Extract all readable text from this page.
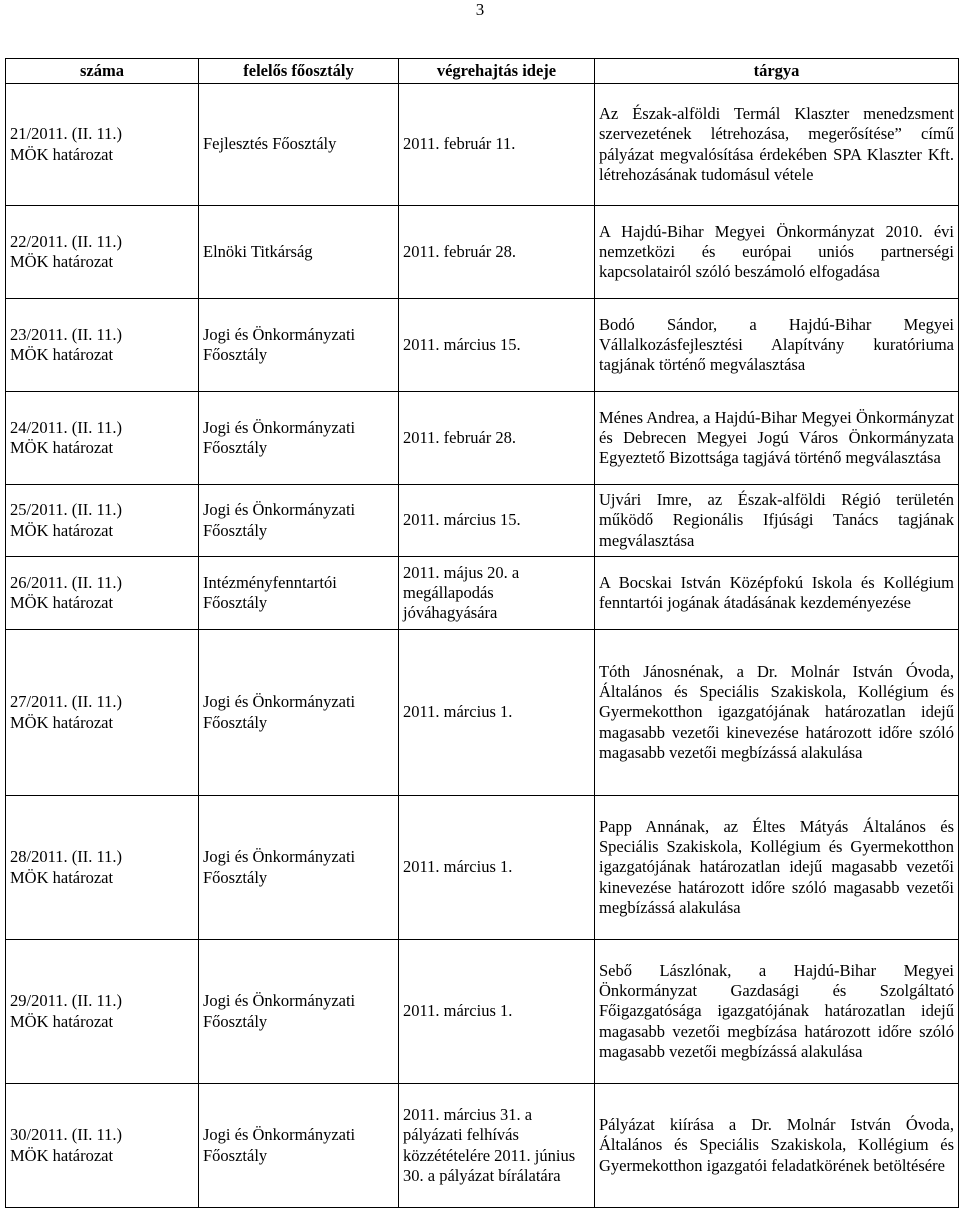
3
száma	felelős főosztály	végrehajtás ideje	tárgya

21/2011. (II. 11.)
MÖK határozat	Fejlesztés Főosztály	2011. február 11.	Az Észak-alföldi Termál Klaszter menedzsment szervezetének létrehozása, megerősítése” című pályázat megvalósítása érdekében SPA Klaszter Kft. létrehozásának tudomásul vétele

22/2011. (II. 11.)
MÖK határozat	Elnöki Titkárság	2011. február 28.	A Hajdú-Bihar Megyei Önkormányzat 2010. évi nemzetközi és európai uniós partnerségi kapcsolatairól szóló beszámoló elfogadása

23/2011. (II. 11.)
MÖK határozat	Jogi és Önkormányzati Főosztály	2011. március 15.	Bodó Sándor, a Hajdú-Bihar Megyei Vállalkozásfejlesztési Alapítvány kuratóriuma tagjának történő megválasztása

24/2011. (II. 11.)
MÖK határozat	Jogi és Önkormányzati Főosztály	2011. február 28.	Ménes Andrea, a Hajdú-Bihar Megyei Önkormányzat és Debrecen Megyei Jogú Város Önkormányzata Egyeztető Bizottsága tagjává történő megválasztása

25/2011. (II. 11.)
MÖK határozat	Jogi és Önkormányzati Főosztály	2011. március 15.	Ujvári Imre, az Észak-alföldi Régió területén működő Regionális Ifjúsági Tanács tagjának megválasztása

26/2011. (II. 11.)
MÖK határozat	Intézményfenntartói Főosztály	2011. május 20. a megállapodás jóváhagyására	A Bocskai István Középfokú Iskola és Kollégium fenntartói jogának átadásának kezdeményezése

27/2011. (II. 11.)
MÖK határozat	Jogi és Önkormányzati Főosztály	2011. március 1.	Tóth Jánosnénak, a Dr. Molnár István Óvoda, Általános és Speciális Szakiskola, Kollégium és Gyermekotthon igazgatójának határozatlan idejű magasabb vezetői kinevezése határozott időre szóló magasabb vezetői megbízássá alakulása

28/2011. (II. 11.)
MÖK határozat	Jogi és Önkormányzati Főosztály	2011. március 1.	Papp Annának, az Éltes Mátyás Általános és Speciális Szakiskola, Kollégium és Gyermekotthon igazgatójának határozatlan idejű magasabb vezetői kinevezése határozott időre szóló magasabb vezetői megbízássá alakulása

29/2011. (II. 11.)
MÖK határozat	Jogi és Önkormányzati Főosztály	2011. március 1.	Sebő Lászlónak, a Hajdú-Bihar Megyei Önkormányzat Gazdasági és Szolgáltató Főigazgatósága igazgatójának határozatlan idejű magasabb vezetői megbízása határozott időre szóló magasabb vezetői megbízássá alakulása

30/2011. (II. 11.)
MÖK határozat	Jogi és Önkormányzati Főosztály	2011. március 31. a pályázati felhívás közzétételére 2011. június 30. a pályázat bírálatára	Pályázat kiírása a Dr. Molnár István Óvoda, Általános és Speciális Szakiskola, Kollégium és Gyermekotthon igazgatói feladatkörének betöltésére
